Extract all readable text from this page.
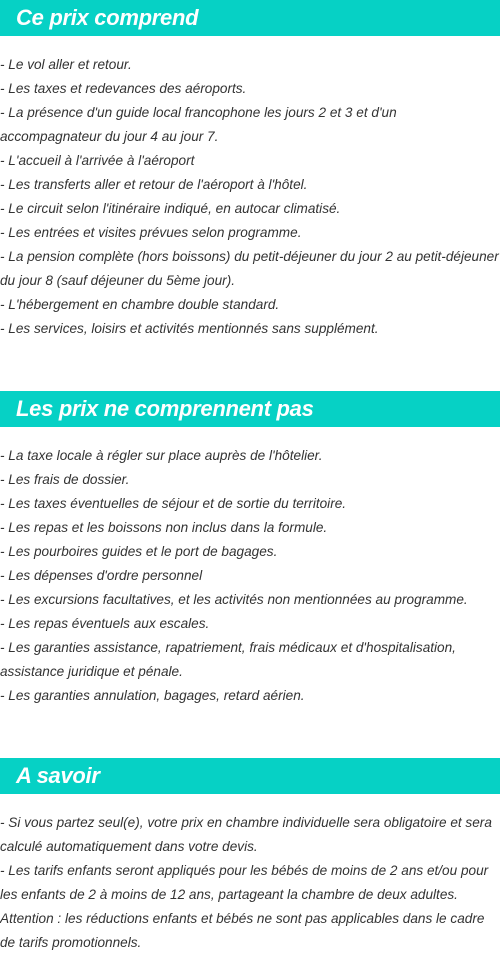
Ce prix comprend
- Le vol aller et retour.
- Les taxes et redevances des aéroports.
- La présence d'un guide local francophone les jours 2 et 3 et d'un accompagnateur du jour 4 au jour 7.
- L'accueil à l'arrivée à l'aéroport
- Les transferts aller et retour de l'aéroport à l'hôtel.
- Le circuit selon l'itinéraire indiqué, en autocar climatisé.
- Les entrées et visites prévues selon programme.
- La pension complète (hors boissons) du petit-déjeuner du jour 2 au petit-déjeuner du jour 8 (sauf déjeuner du 5ème jour).
- L'hébergement en chambre double standard.
- Les services, loisirs et activités mentionnés sans supplément.
Les prix ne comprennent pas
- La taxe locale à régler sur place auprès de l'hôtelier.
- Les frais de dossier.
- Les taxes éventuelles de séjour et de sortie du territoire.
- Les repas et les boissons non inclus dans la formule.
- Les pourboires guides et le port de bagages.
- Les dépenses d'ordre personnel
- Les excursions facultatives, et les activités non mentionnées au programme.
- Les repas éventuels aux escales.
- Les garanties assistance, rapatriement, frais médicaux et d'hospitalisation, assistance juridique et pénale.
- Les garanties annulation, bagages, retard aérien.
A savoir
- Si vous partez seul(e), votre prix en chambre individuelle sera obligatoire et sera calculé automatiquement dans votre devis.
- Les tarifs enfants seront appliqués pour les bébés de moins de 2 ans et/ou pour les enfants de 2 à moins de 12 ans, partageant la chambre de deux adultes.
Attention : les réductions enfants et bébés ne sont pas applicables dans le cadre de tarifs promotionnels.
